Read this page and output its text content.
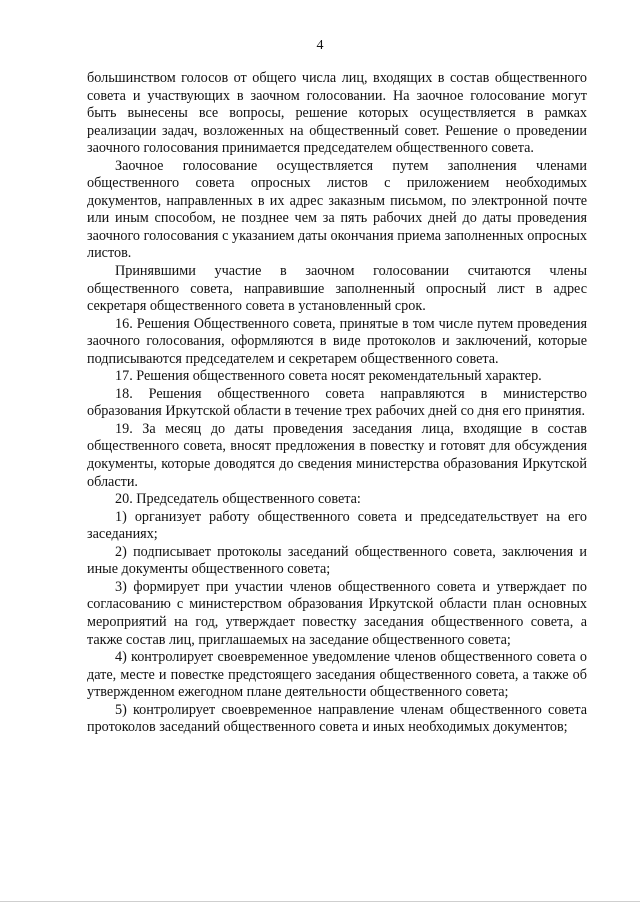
4

большинством голосов от общего числа лиц, входящих в состав общественного совета и участвующих в заочном голосовании. На заочное голосование могут быть вынесены все вопросы, решение которых осуществляется в рамках реализации задач, возложенных на общественный совет. Решение о проведении заочного голосования принимается председателем общественного совета.

Заочное голосование осуществляется путем заполнения членами общественного совета опросных листов с приложением необходимых документов, направленных в их адрес заказным письмом, по электронной почте или иным способом, не позднее чем за пять рабочих дней до даты проведения заочного голосования с указанием даты окончания приема заполненных опросных листов.

Принявшими участие в заочном голосовании считаются члены общественного совета, направившие заполненный опросный лист в адрес секретаря общественного совета в установленный срок.

16. Решения Общественного совета, принятые в том числе путем проведения заочного голосования, оформляются в виде протоколов и заключений, которые подписываются председателем и секретарем общественного совета.

17. Решения общественного совета носят рекомендательный характер.

18. Решения общественного совета направляются в министерство образования Иркутской области в течение трех рабочих дней со дня его принятия.

19. За месяц до даты проведения заседания лица, входящие в состав общественного совета, вносят предложения в повестку и готовят для обсуждения документы, которые доводятся до сведения министерства образования Иркутской области.

20. Председатель общественного совета:

1) организует работу общественного совета и председательствует на его заседаниях;

2) подписывает протоколы заседаний общественного совета, заключения и иные документы общественного совета;

3) формирует при участии членов общественного совета и утверждает по согласованию с министерством образования Иркутской области план основных мероприятий на год, утверждает повестку заседания общественного совета, а также состав лиц, приглашаемых на заседание общественного совета;

4) контролирует своевременное уведомление членов общественного совета о дате, месте и повестке предстоящего заседания общественного совета, а также об утвержденном ежегодном плане деятельности общественного совета;

5) контролирует своевременное направление членам общественного совета протоколов заседаний общественного совета и иных необходимых документов;
